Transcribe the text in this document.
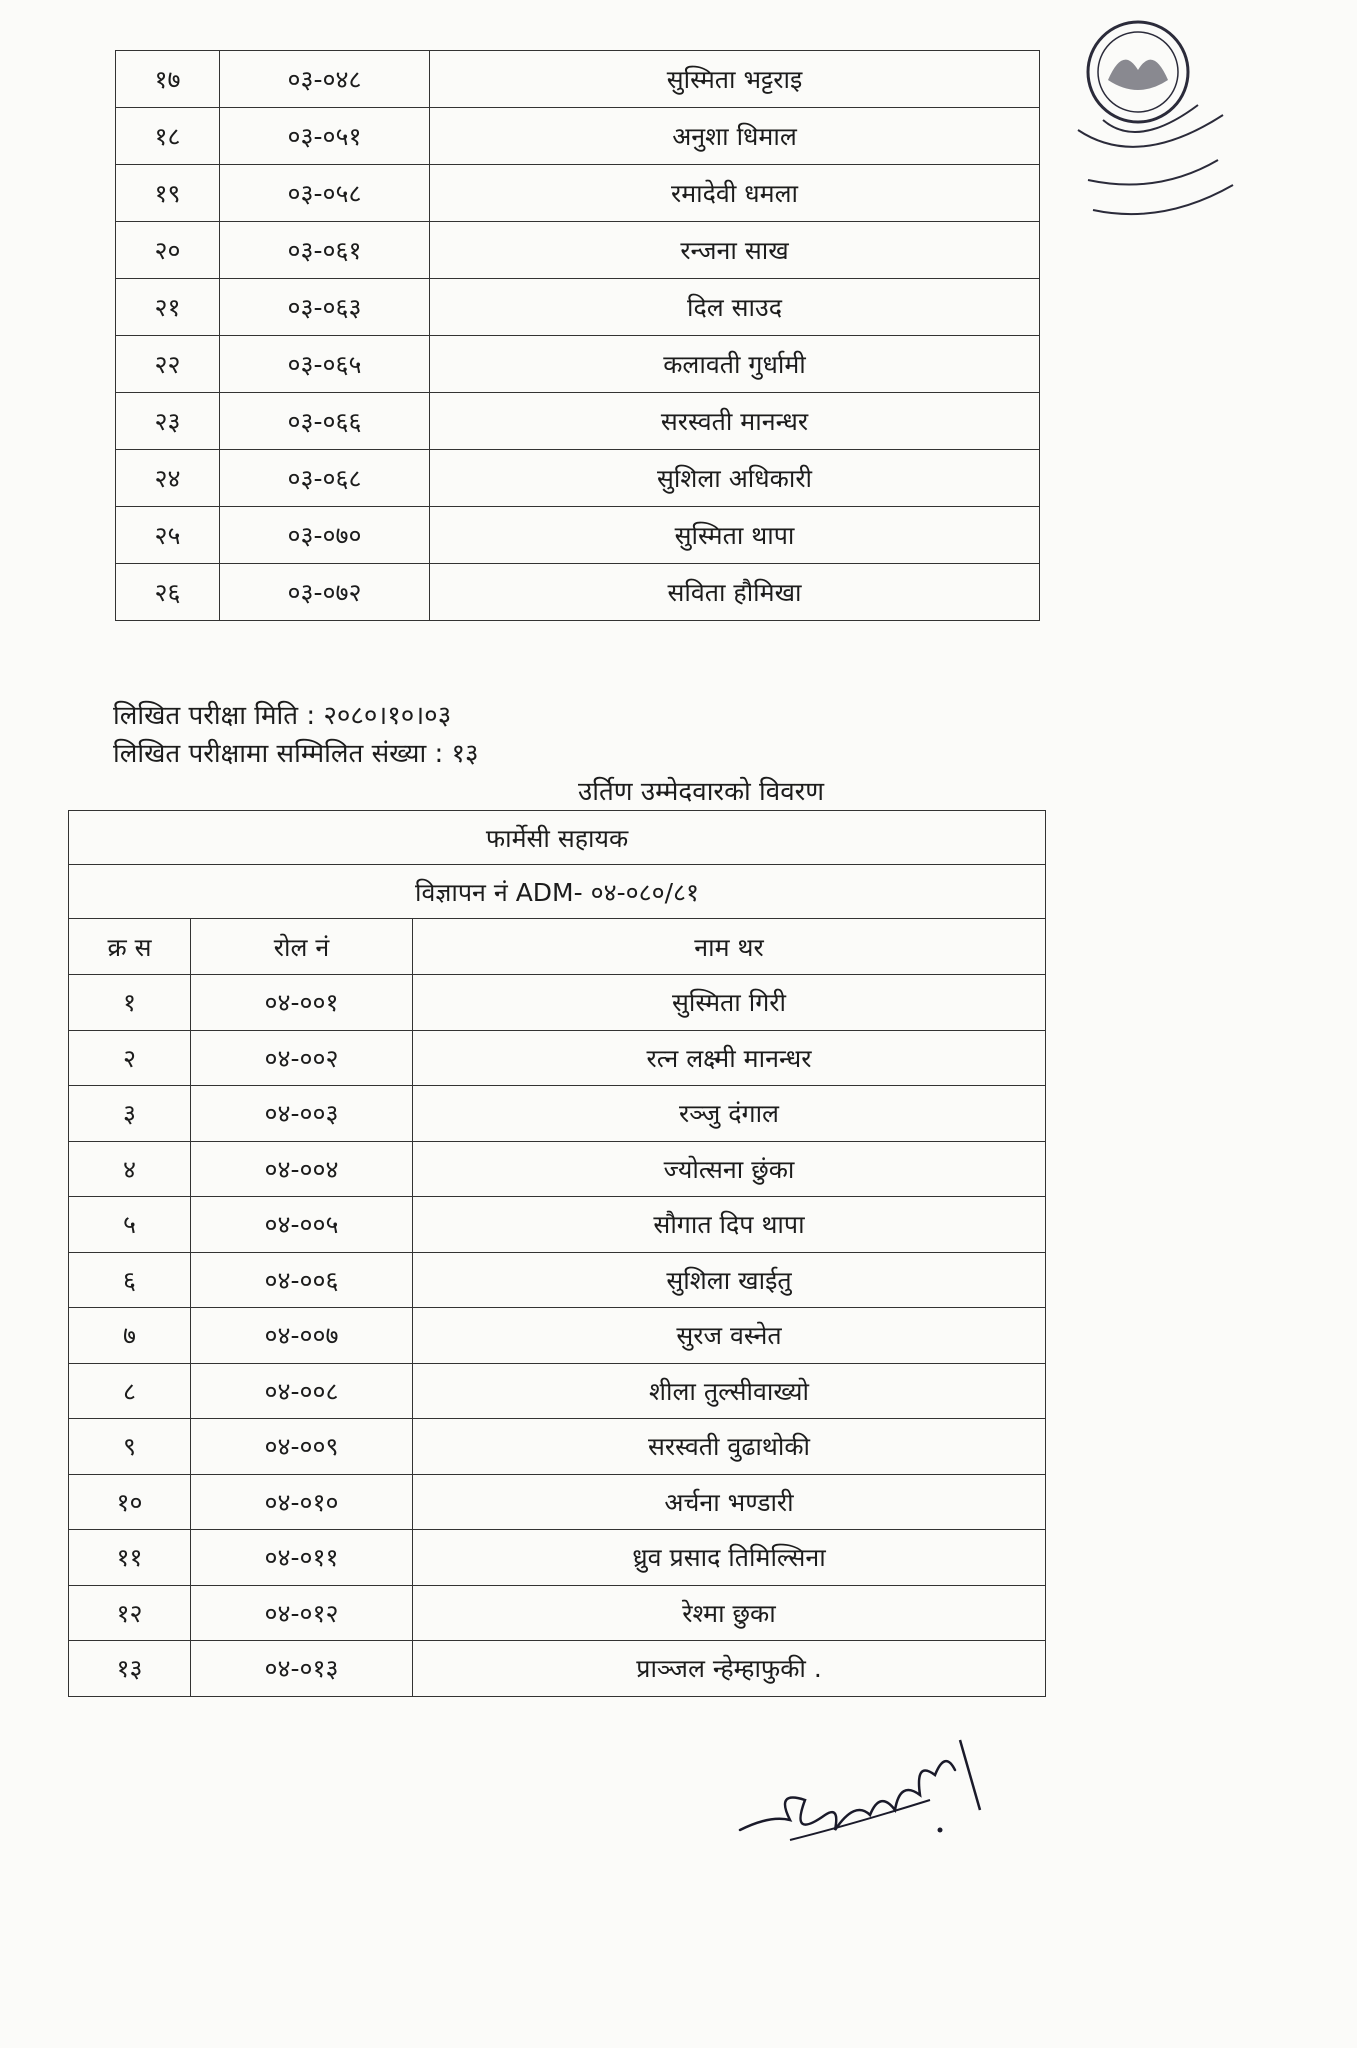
१७	०३-०४८	सुस्मिता भट्टराइ
१८	०३-०५१	अनुशा धिमाल
१९	०३-०५८	रमादेवी धमला
२०	०३-०६१	रन्जना साख
२१	०३-०६३	दिल साउद
२२	०३-०६५	कलावती गुर्धामी
२३	०३-०६६	सरस्वती मानन्धर
२४	०३-०६८	सुशिला अधिकारी
२५	०३-०७०	सुस्मिता थापा
२६	०३-०७२	सविता हौमिखा
लिखित परीक्षा मिति : २०८०।१०।०३
लिखित परीक्षामा सम्मिलित संख्या : १३
उर्तिण उम्मेदवारको विवरण
फार्मेसी सहायक		
विज्ञापन नं ADM- ०४-०८०/८१		
क्र स	रोल नं	नाम थर
१	०४-००१	सुस्मिता गिरी
२	०४-००२	रत्न लक्ष्मी मानन्धर
३	०४-००३	रञ्जु दंगाल
४	०४-००४	ज्योत्सना छुंका
५	०४-००५	सौगात दिप थापा
६	०४-००६	सुशिला खाईतु
७	०४-००७	सुरज वस्नेत
८	०४-००८	शीला तुल्सीवाख्यो
९	०४-००९	सरस्वती वुढाथोकी
१०	०४-०१०	अर्चना भण्डारी
११	०४-०११	ध्रुव प्रसाद तिमिल्सिना
१२	०४-०१२	रेश्मा छुका
१३	०४-०१३	प्राञ्जल न्हेम्हाफुकी .
